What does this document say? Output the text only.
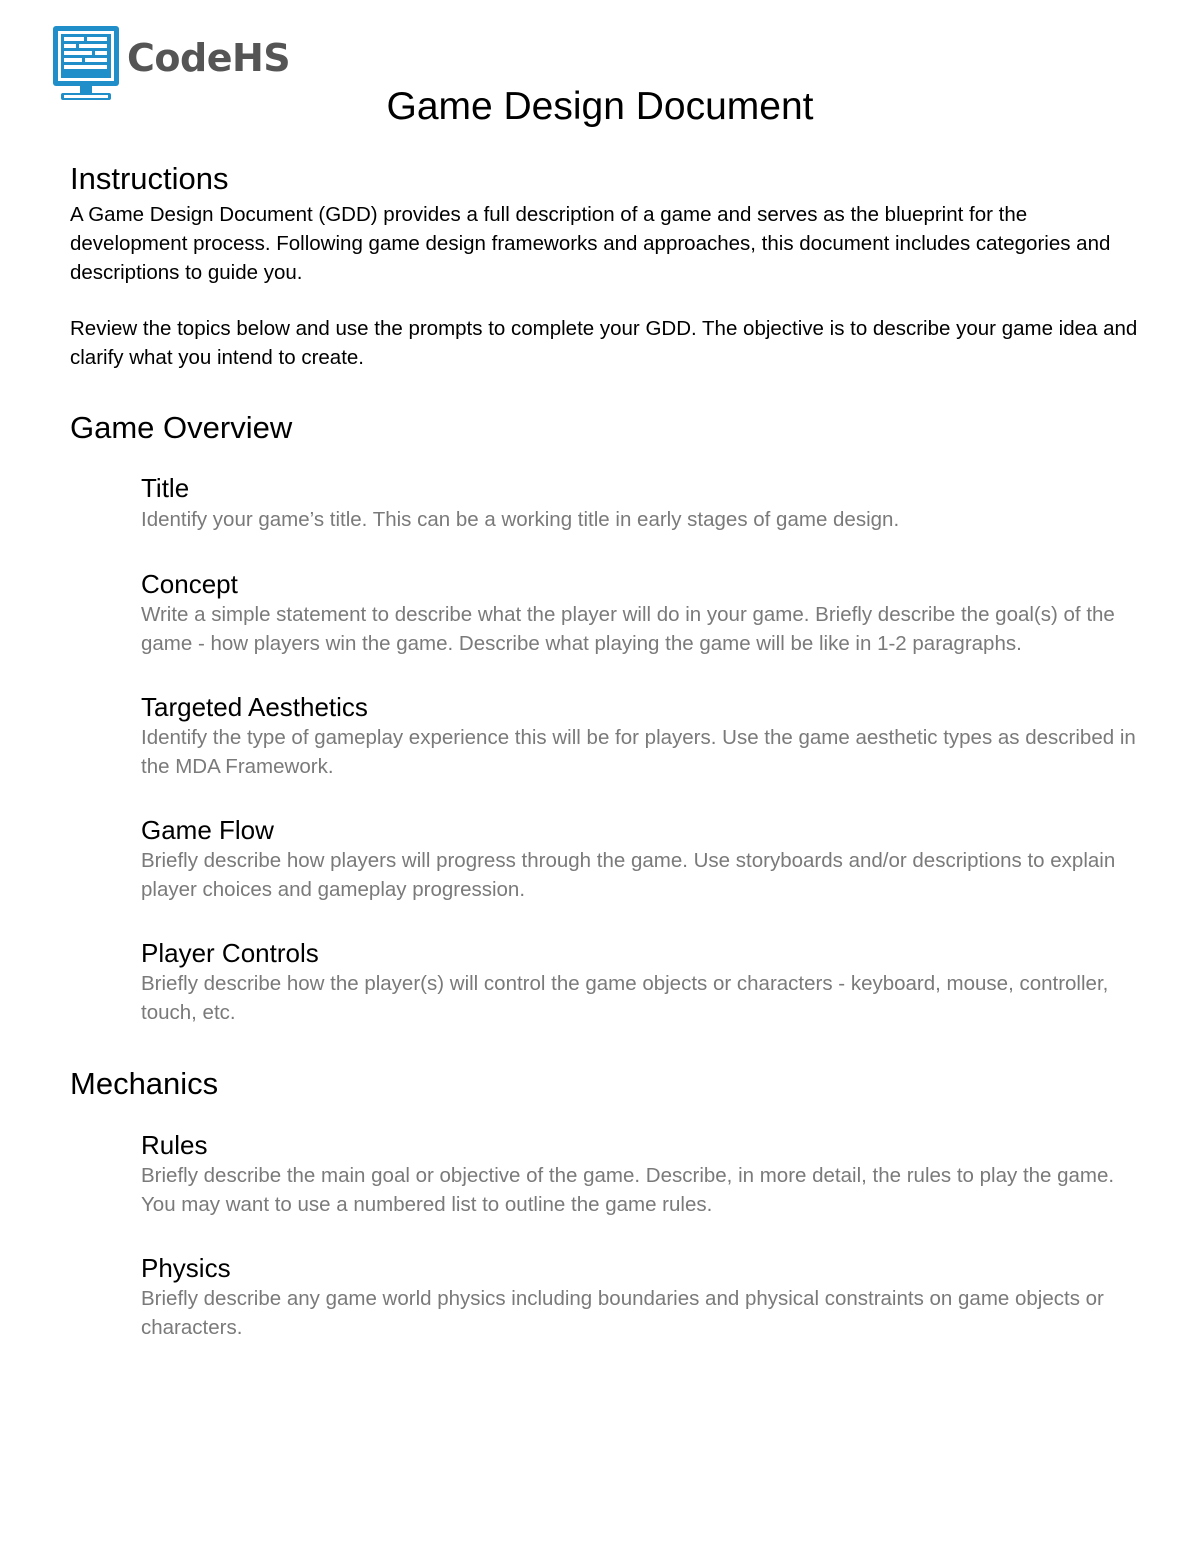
CodeHS
Game Design Document
Instructions

A Game Design Document (GDD) provides a full description of a game and serves as the blueprint for the development process. Following game design frameworks and approaches, this document includes categories and descriptions to guide you.

Review the topics below and use the prompts to complete your GDD. The objective is to describe your game idea and clarify what you intend to create.

Game Overview
Title

Identify your game’s title. This can be a working title in early stages of game design.

Concept

Write a simple statement to describe what the player will do in your game. Briefly describe the goal(s) of the game - how players win the game. Describe what playing the game will be like in 1-2 paragraphs.

Targeted Aesthetics

Identify the type of gameplay experience this will be for players. Use the game aesthetic types as described in the MDA Framework.

Game Flow

Briefly describe how players will progress through the game. Use storyboards and/or descriptions to explain player choices and gameplay progression.

Player Controls

Briefly describe how the player(s) will control the game objects or characters - keyboard, mouse, controller, touch, etc.

Mechanics
Rules

Briefly describe the main goal or objective of the game. Describe, in more detail, the rules to play the game. You may want to use a numbered list to outline the game rules.

Physics

Briefly describe any game world physics including boundaries and physical constraints on game objects or characters.
